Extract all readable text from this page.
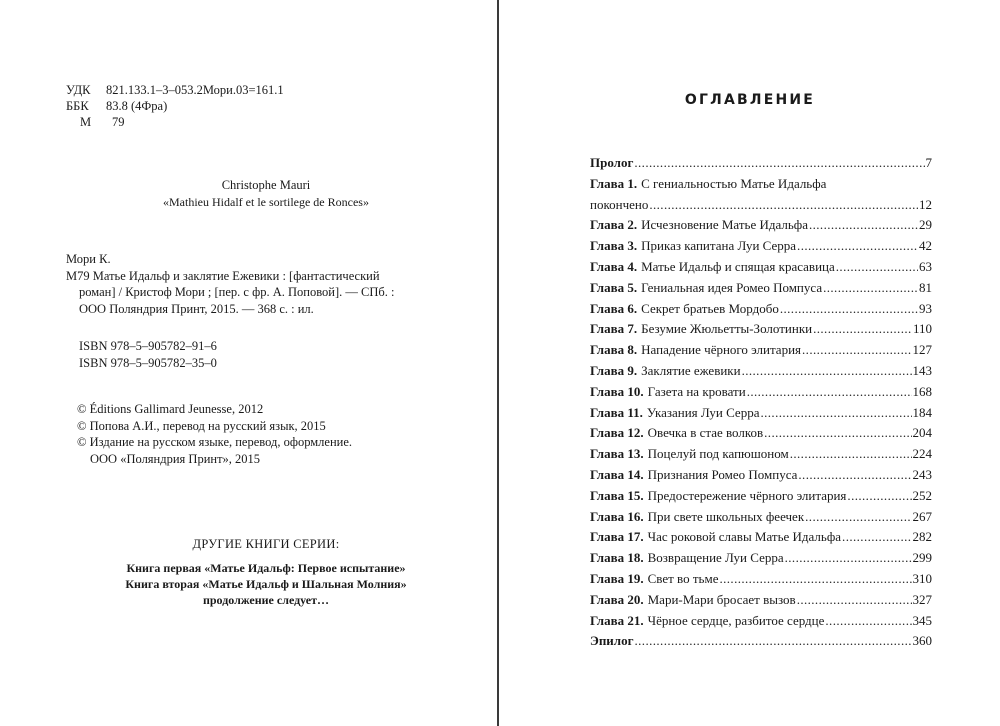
УДК 821.133.1–3–053.2Мори.03=161.1
ББК 83.8 (4Фра)
М 79
Christophe Mauri
«Mathieu Hidalf et le sortilege de Ronces»
Мори К.
М79 Матье Идальф и заклятие Ежевики : [фантастический
роман] / Кристоф Мори ; [пер. с фр. А. Поповой]. — СПб. :
ООО Поляндрия Принт, 2015. — 368 с. : ил.
ISBN 978–5–905782–91–6
ISBN 978–5–905782–35–0
© Éditions Gallimard Jeunesse, 2012
© Попова А.И., перевод на русский язык, 2015
© Издание на русском языке, перевод, оформление.
ООО «Поляндрия Принт», 2015
ДРУГИЕ КНИГИ СЕРИИ:
Книга первая «Матье Идальф: Первое испытание»
Книга вторая «Матье Идальф и Шальная Молния»
продолжение следует…
ОГЛАВЛЕНИЕ
Пролог .....	7
Глава 1. С гениальностью Матье Идальфа
покончено .....	12
Глава 2. Исчезновение Матье Идальфа .....	29
Глава 3. Приказ капитана Луи Серра .....	42
Глава 4. Матье Идальф и спящая красавица .....	63
Глава 5. Гениальная идея Ромео Помпуса .....	81
Глава 6. Секрет братьев Мордобо .....	93
Глава 7. Безумие Жюльетты-Золотинки .....	110
Глава 8. Нападение чёрного элитария .....	127
Глава 9. Заклятие ежевики .....	143
Глава 10. Газета на кровати .....	168
Глава 11. Указания Луи Серра .....	184
Глава 12. Овечка в стае волков .....	204
Глава 13. Поцелуй под капюшоном .....	224
Глава 14. Признания Ромео Помпуса .....	243
Глава 15. Предостережение чёрного элитария .....	252
Глава 16. При свете школьных феечек .....	267
Глава 17. Час роковой славы Матье Идальфа .....	282
Глава 18. Возвращение Луи Серра .....	299
Глава 19. Свет во тьме .....	310
Глава 20. Мари-Мари бросает вызов .....	327
Глава 21. Чёрное сердце, разбитое сердце .....	345
Эпилог .....	360
